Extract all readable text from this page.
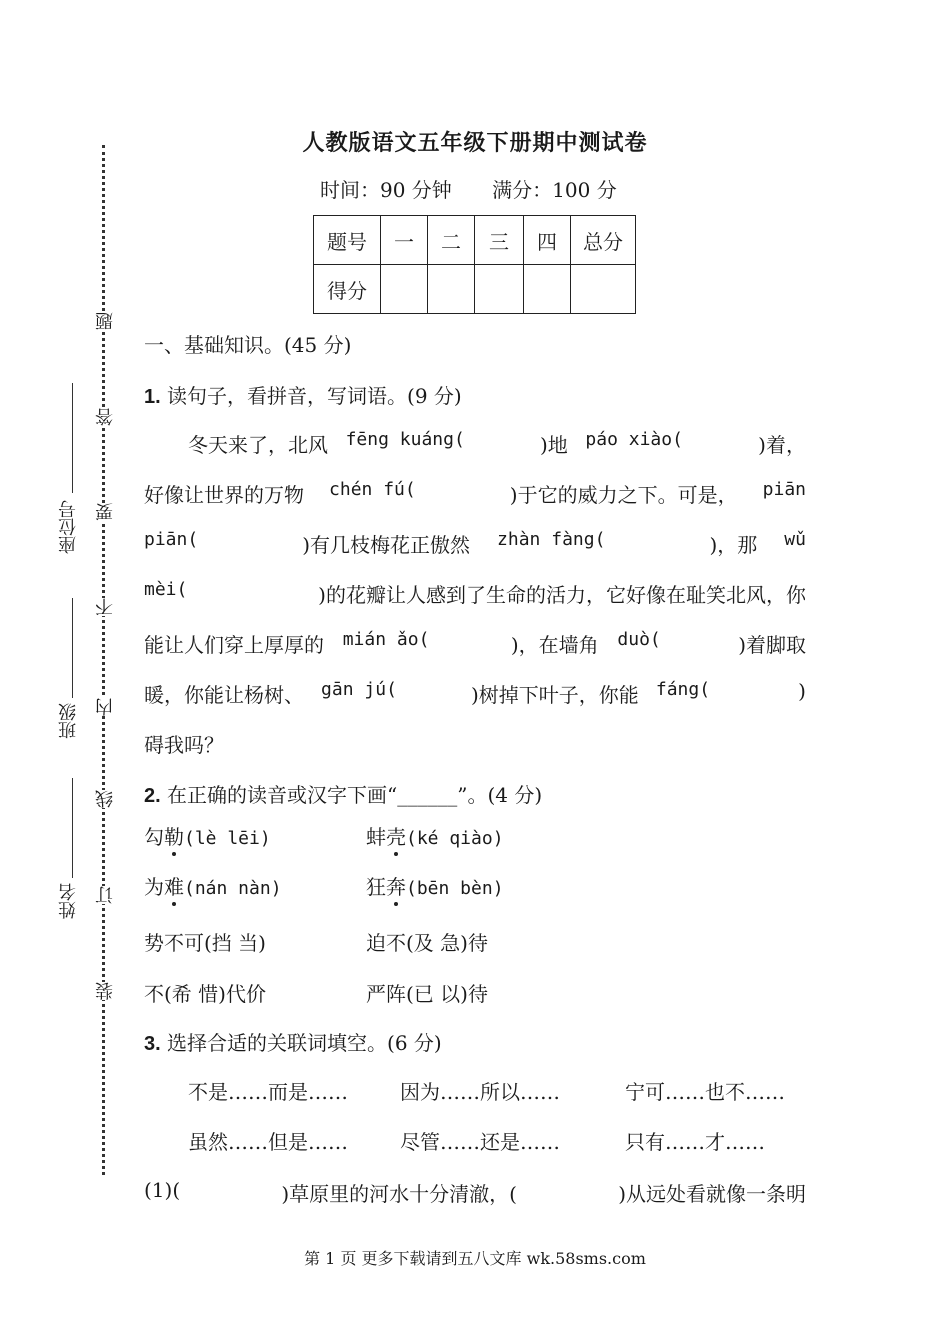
题
答
要
不
内
线
订
装
座位号
班级
姓名
人教版语文五年级下册期中测试卷
时间：90 分钟 满分：100 分
题号	一	二	三	四	总分
得分					
一、基础知识。(45 分)
1. 读句子，看拼音，写词语。(9 分)
冬天来了，北风 fēng kuáng(	)地 páo xiào(	)着，
好像让世界的万物 chén fú(	)于它的威力之下。可是， piān
piān(	)有几枝梅花正傲然 zhàn fàng(	)，那 wǔ
mèi(	)的花瓣让人感到了生命的活力，它好像在耻笑北风，你
能让人们穿上厚厚的 mián ǎo(	)，在墙角 duò(	)着脚取
暖，你能让杨树、 gān jú(	)树掉下叶子，你能 fáng(	)
碍我吗？
2. 在正确的读音或汉字下画“______”。(4 分)
勾勒(lè lēi)	蚌壳(ké qiào)
为难(nán nàn)	狂奔(bēn bèn)
势不可(挡 当)	迫不(及 急)待
不(希 惜)代价	严阵(已 以)待
3. 选择合适的关联词填空。(6 分)
不是……而是……	因为……所以……	宁可……也不……
虽然……但是……	尽管……还是……	只有……才……
(1)(	)草原里的河水十分清澈，(	)从远处看就像一条明
第 1 页 更多下载请到五八文库 wk.58sms.com
